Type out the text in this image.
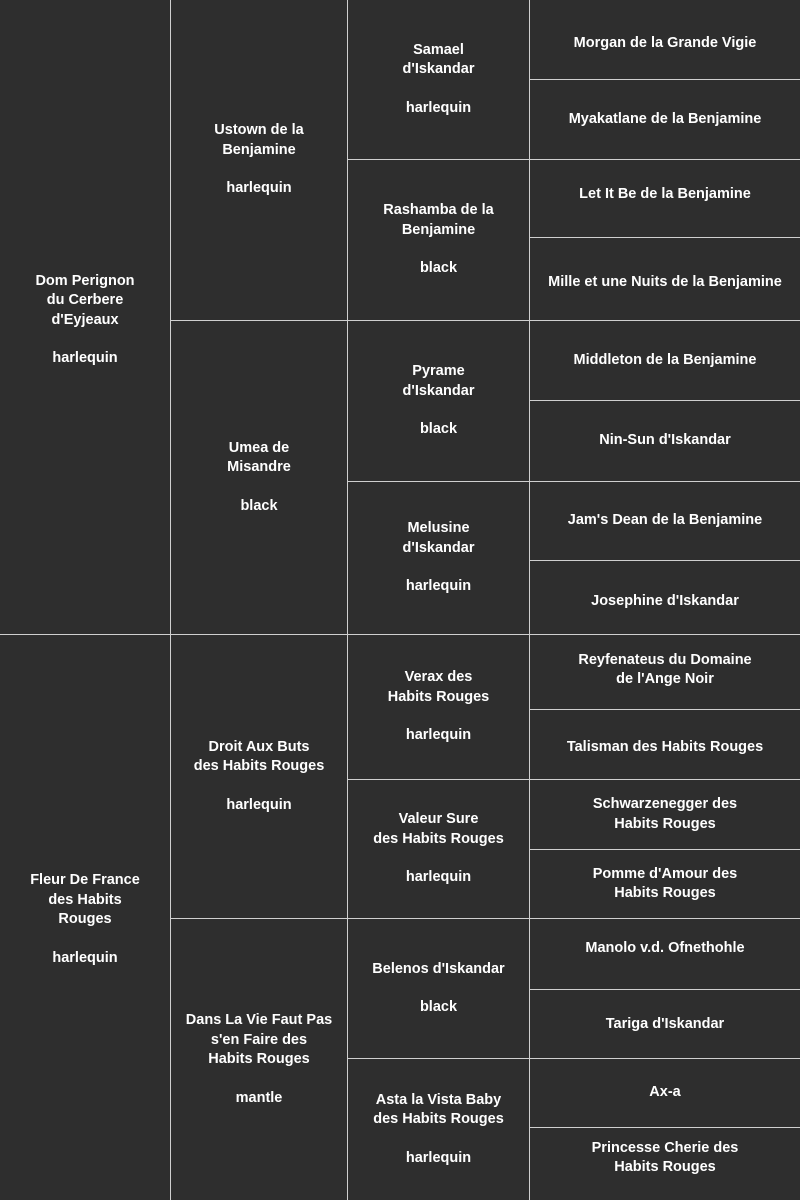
Dom Perignon
du Cerbere
d'Eyjeaux
harlequin
Fleur De France
des Habits
Rouges
harlequin
Ustown de la
Benjamine
harlequin
Umea de
Misandre
black
Droit Aux Buts
des Habits Rouges
harlequin
Dans La Vie Faut Pas
s'en Faire des
Habits Rouges
mantle
Samael
d'Iskandar
harlequin
Rashamba de la
Benjamine
black
Pyrame
d'Iskandar
black
Melusine
d'Iskandar
harlequin
Verax des
Habits Rouges
harlequin
Valeur Sure
des Habits Rouges
harlequin
Belenos d'Iskandar
black
Asta la Vista Baby
des Habits Rouges
harlequin
Morgan de la Grande Vigie
Myakatlane de la Benjamine
Let It Be de la Benjamine
Mille et une Nuits de la Benjamine
Middleton de la Benjamine
Nin-Sun d'Iskandar
Jam's Dean de la Benjamine
Josephine d'Iskandar
Reyfenateus du Domaine
de l'Ange Noir
Talisman des Habits Rouges
Schwarzenegger des
Habits Rouges
Pomme d'Amour des
Habits Rouges
Manolo v.d. Ofnethohle
Tariga d'Iskandar
Ax-a
Princesse Cherie des
Habits Rouges
